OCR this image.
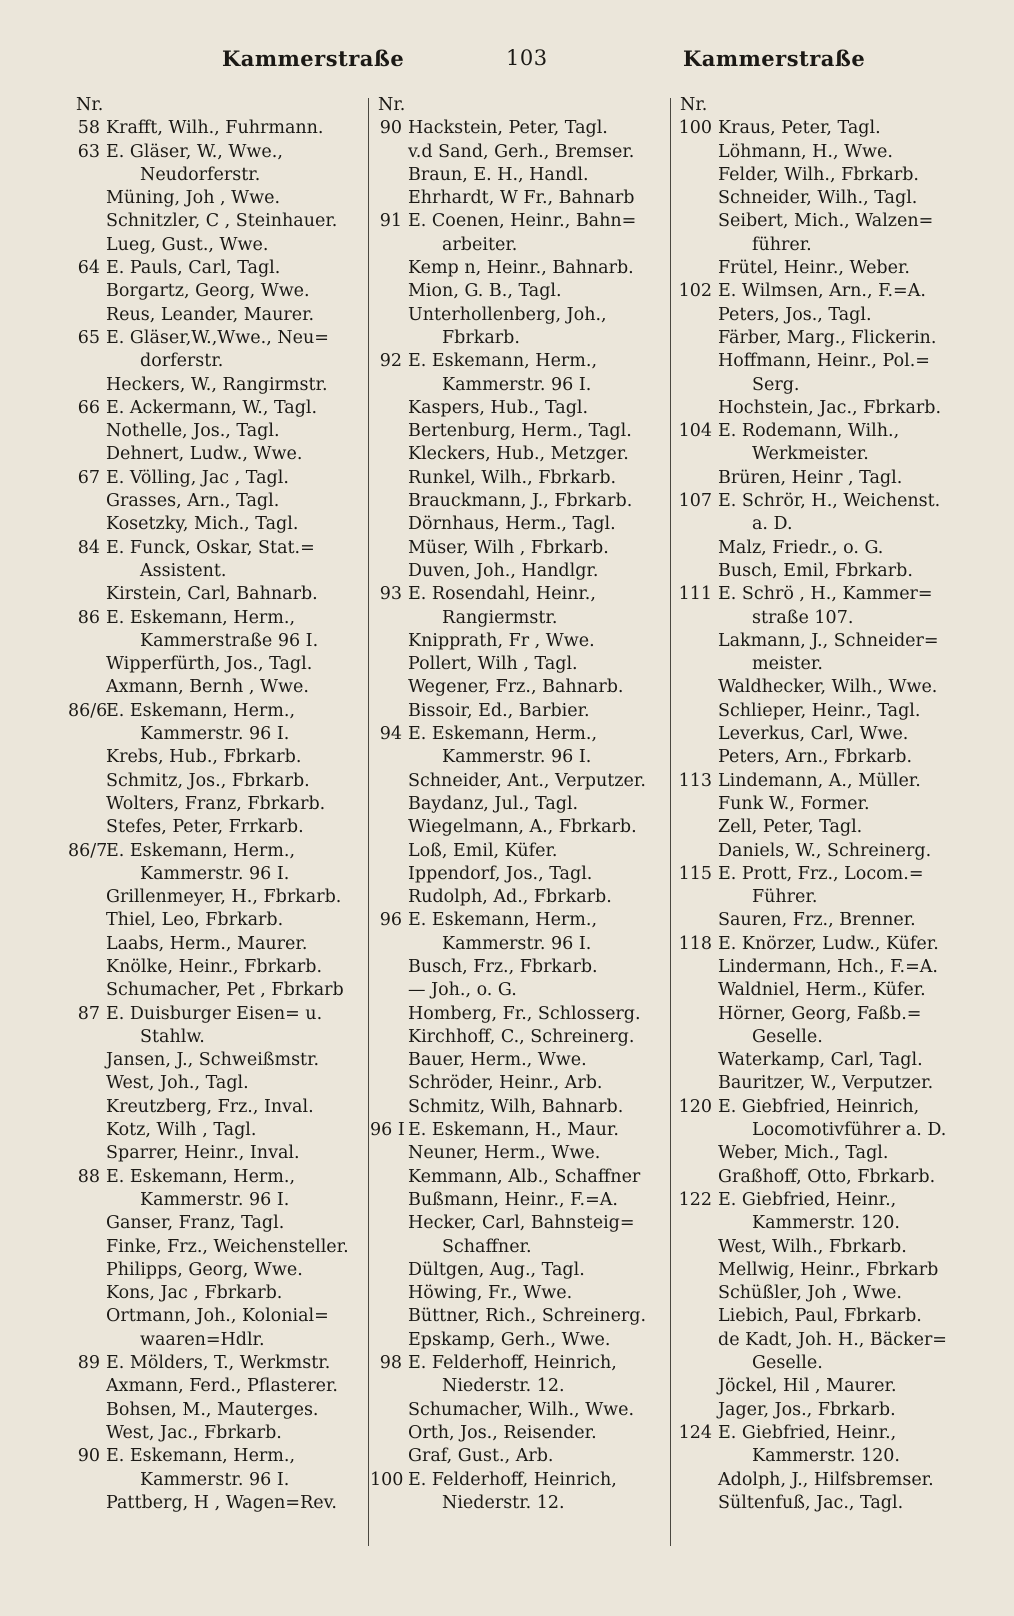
Kammerstraße	103	Kammerstraße
Nr.
58 Krafft, Wilh., Fuhrmann.
63 E. Gläser, W., Wwe.,
Neudorferstr.
Müning, Joh , Wwe.
Schnitzler, C , Steinhauer.
Lueg, Gust., Wwe.
64 E. Pauls, Carl, Tagl.
Borgartz, Georg, Wwe.
Reus, Leander, Maurer.
65 E. Gläser,W.,Wwe., Neu=
dorferstr.
Heckers, W., Rangirmstr.
66 E. Ackermann, W., Tagl.
Nothelle, Jos., Tagl.
Dehnert, Ludw., Wwe.
67 E. Völling, Jac , Tagl.
Grasses, Arn., Tagl.
Kosetzky, Mich., Tagl.
84 E. Funck, Oskar, Stat.=
Assistent.
Kirstein, Carl, Bahnarb.
86 E. Eskemann, Herm.,
Kammerstraße 96 I.
Wipperfürth, Jos., Tagl.
Axmann, Bernh , Wwe.
86/6E. Eskemann, Herm.,
Kammerstr. 96 I.
Krebs, Hub., Fbrkarb.
Schmitz, Jos., Fbrkarb.
Wolters, Franz, Fbrkarb.
Stefes, Peter, Frrkarb.
86/7E. Eskemann, Herm.,
Kammerstr. 96 I.
Grillenmeyer, H., Fbrkarb.
Thiel, Leo, Fbrkarb.
Laabs, Herm., Maurer.
Knölke, Heinr., Fbrkarb.
Schumacher, Pet , Fbrkarb
87 E. Duisburger Eisen= u.
Stahlw.
Jansen, J., Schweißmstr.
West, Joh., Tagl.
Kreutzberg, Frz., Inval.
Kotz, Wilh , Tagl.
Sparrer, Heinr., Inval.
88 E. Eskemann, Herm.,
Kammerstr. 96 I.
Ganser, Franz, Tagl.
Finke, Frz., Weichensteller.
Philipps, Georg, Wwe.
Kons, Jac , Fbrkarb.
Ortmann, Joh., Kolonial=
waaren=Hdlr.
89 E. Mölders, T., Werkmstr.
Axmann, Ferd., Pflasterer.
Bohsen, M., Mauterges.
West, Jac., Fbrkarb.
90 E. Eskemann, Herm.,
Kammerstr. 96 I.
Pattberg, H , Wagen=Rev.
Nr.
90 Hackstein, Peter, Tagl.
v.d Sand, Gerh., Bremser.
Braun, E. H., Handl.
Ehrhardt, W Fr., Bahnarb
91 E. Coenen, Heinr., Bahn=
arbeiter.
Kemp n, Heinr., Bahnarb.
Mion, G. B., Tagl.
Unterhollenberg, Joh.,
Fbrkarb.
92 E. Eskemann, Herm.,
Kammerstr. 96 I.
Kaspers, Hub., Tagl.
Bertenburg, Herm., Tagl.
Kleckers, Hub., Metzger.
Runkel, Wilh., Fbrkarb.
Brauckmann, J., Fbrkarb.
Dörnhaus, Herm., Tagl.
Müser, Wilh , Fbrkarb.
Duven, Joh., Handlgr.
93 E. Rosendahl, Heinr.,
Rangiermstr.
Knipprath, Fr , Wwe.
Pollert, Wilh , Tagl.
Wegener, Frz., Bahnarb.
Bissoir, Ed., Barbier.
94 E. Eskemann, Herm.,
Kammerstr. 96 I.
Schneider, Ant., Verputzer.
Baydanz, Jul., Tagl.
Wiegelmann, A., Fbrkarb.
Loß, Emil, Küfer.
Ippendorf, Jos., Tagl.
Rudolph, Ad., Fbrkarb.
96 E. Eskemann, Herm.,
Kammerstr. 96 I.
Busch, Frz., Fbrkarb.
— Joh., o. G.
Homberg, Fr., Schlosserg.
Kirchhoff, C., Schreinerg.
Bauer, Herm., Wwe.
Schröder, Heinr., Arb.
Schmitz, Wilh, Bahnarb.
96 I E. Eskemann, H., Maur.
Neuner, Herm., Wwe.
Kemmann, Alb., Schaffner
Bußmann, Heinr., F.=A.
Hecker, Carl, Bahnsteig=
Schaffner.
Dültgen, Aug., Tagl.
Höwing, Fr., Wwe.
Büttner, Rich., Schreinerg.
Epskamp, Gerh., Wwe.
98 E. Felderhoff, Heinrich,
Niederstr. 12.
Schumacher, Wilh., Wwe.
Orth, Jos., Reisender.
Graf, Gust., Arb.
100 E. Felderhoff, Heinrich,
Niederstr. 12.
Nr.
100 Kraus, Peter, Tagl.
Löhmann, H., Wwe.
Felder, Wilh., Fbrkarb.
Schneider, Wilh., Tagl.
Seibert, Mich., Walzen=
führer.
Frütel, Heinr., Weber.
102 E. Wilmsen, Arn., F.=A.
Peters, Jos., Tagl.
Färber, Marg., Flickerin.
Hoffmann, Heinr., Pol.=
Serg.
Hochstein, Jac., Fbrkarb.
104 E. Rodemann, Wilh.,
Werkmeister.
Brüren, Heinr , Tagl.
107 E. Schrör, H., Weichenst.
a. D.
Malz, Friedr., o. G.
Busch, Emil, Fbrkarb.
111 E. Schrö , H., Kammer=
straße 107.
Lakmann, J., Schneider=
meister.
Waldhecker, Wilh., Wwe.
Schlieper, Heinr., Tagl.
Leverkus, Carl, Wwe.
Peters, Arn., Fbrkarb.
113 Lindemann, A., Müller.
Funk W., Former.
Zell, Peter, Tagl.
Daniels, W., Schreinerg.
115 E. Prott, Frz., Locom.=
Führer.
Sauren, Frz., Brenner.
118 E. Knörzer, Ludw., Küfer.
Lindermann, Hch., F.=A.
Waldniel, Herm., Küfer.
Hörner, Georg, Faßb.=
Geselle.
Waterkamp, Carl, Tagl.
Bauritzer, W., Verputzer.
120 E. Giebfried, Heinrich,
Locomotivführer a. D.
Weber, Mich., Tagl.
Graßhoff, Otto, Fbrkarb.
122 E. Giebfried, Heinr.,
Kammerstr. 120.
West, Wilh., Fbrkarb.
Mellwig, Heinr., Fbrkarb
Schüßler, Joh , Wwe.
Liebich, Paul, Fbrkarb.
de Kadt, Joh. H., Bäcker=
Geselle.
Jöckel, Hil , Maurer.
Jager, Jos., Fbrkarb.
124 E. Giebfried, Heinr.,
Kammerstr. 120.
Adolph, J., Hilfsbremser.
Sültenfuß, Jac., Tagl.
